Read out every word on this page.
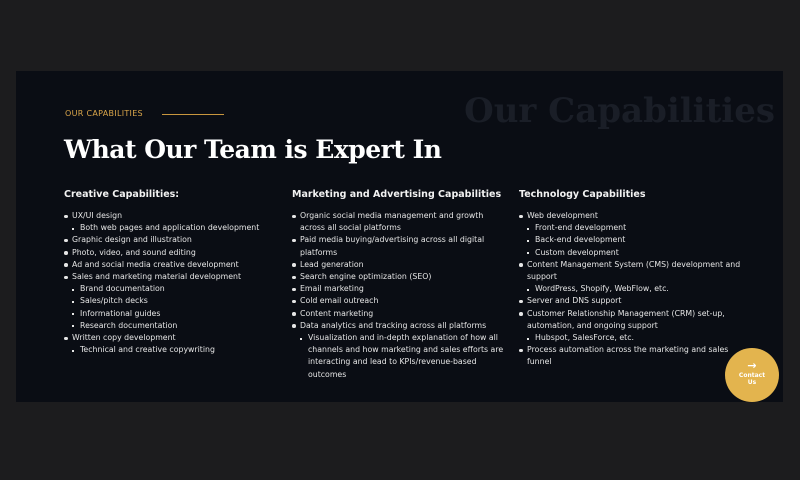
Our Capabilities
OUR CAPABILITIES
What Our Team is Expert In
Creative Capabilities:
UX/UI design
Both web pages and application development
Graphic design and illustration
Photo, video, and sound editing
Ad and social media creative development
Sales and marketing material development
Brand documentation
Sales/pitch decks
Informational guides
Research documentation
Written copy development
Technical and creative copywriting
Marketing and Advertising Capabilities
Organic social media management and growth across all social platforms
Paid media buying/advertising across all digital platforms
Lead generation
Search engine optimization (SEO)
Email marketing
Cold email outreach
Content marketing
Data analytics and tracking across all platforms
Visualization and in-depth explanation of how all channels and how marketing and sales efforts are interacting and lead to KPIs/revenue-based outcomes
Technology Capabilities
Web development
Front-end development
Back-end development
Custom development
Content Management System (CMS) development and support
WordPress, Shopify, WebFlow, etc.
Server and DNS support
Customer Relationship Management (CRM) set-up, automation, and ongoing support
Hubspot, SalesForce, etc.
Process automation across the marketing and sales funnel	→
Contact Us
